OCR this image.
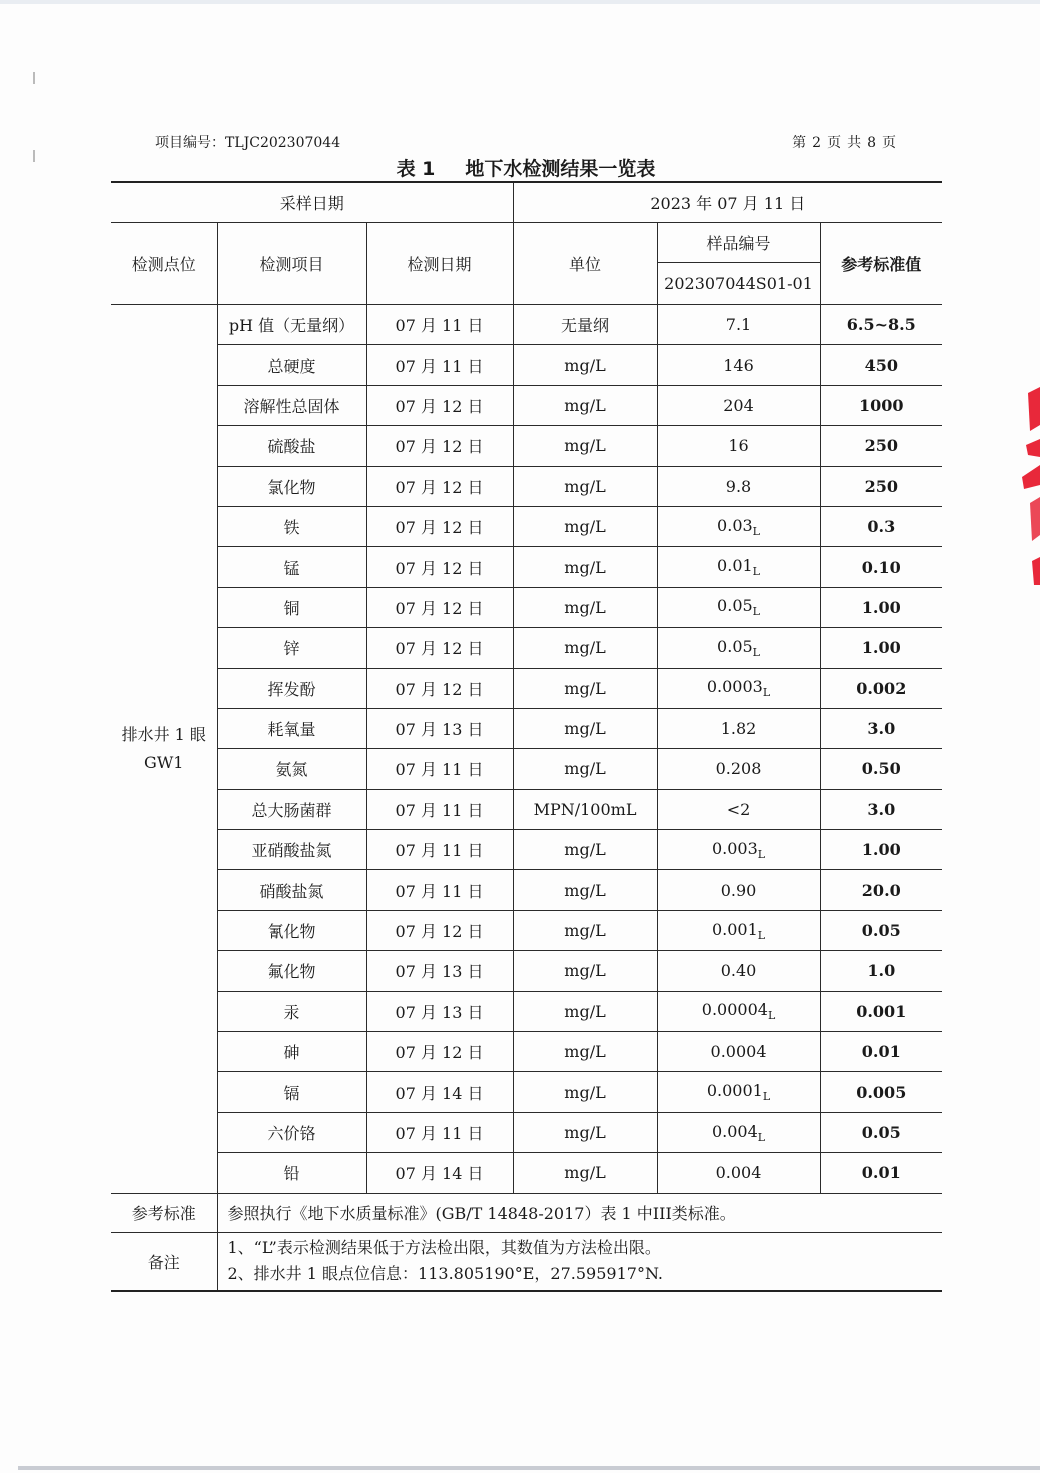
项目编号：TLJC202307044	第 2 页 共 8 页
表 1 地下水检测结果一览表
采样日期			2023 年 07 月 11 日		
检测点位	检测项目	检测日期	单位	样品编号	参考标准值
				202307044S01-01	

排水井 1 眼
GW1	pH 值（无量纲）	07 月 11 日	无量纲	7.1	6.5~8.5
	总硬度	07 月 11 日	mg/L	146	450
	溶解性总固体	07 月 12 日	mg/L	204	1000
	硫酸盐	07 月 12 日	mg/L	16	250
	氯化物	07 月 12 日	mg/L	9.8	250
	铁	07 月 12 日	mg/L	$0.03_L$	0.3
	锰	07 月 12 日	mg/L	$0.01_L$	0.10
	铜	07 月 12 日	mg/L	$0.05_L$	1.00
	锌	07 月 12 日	mg/L	$0.05_L$	1.00
	挥发酚	07 月 12 日	mg/L	$0.0003_L$	0.002
	耗氧量	07 月 13 日	mg/L	1.82	3.0
	氨氮	07 月 11 日	mg/L	0.208	0.50
	总大肠菌群	07 月 11 日	MPN/100mL	<2	3.0
	亚硝酸盐氮	07 月 11 日	mg/L	$0.003_L$	1.00
	硝酸盐氮	07 月 11 日	mg/L	0.90	20.0
	氰化物	07 月 12 日	mg/L	$0.001_L$	0.05
	氟化物	07 月 13 日	mg/L	0.40	1.0
	汞	07 月 13 日	mg/L	$0.00004_L$	0.001
	砷	07 月 12 日	mg/L	0.0004	0.01
	镉	07 月 14 日	mg/L	$0.0001_L$	0.005
	六价铬	07 月 11 日	mg/L	$0.004_L$	0.05
	铅	07 月 14 日	mg/L	0.004	0.01
参考标准	参照执行《地下水质量标准》(GB/T 14848-2017）表 1 中III类标准。				
备注	1、“L”表示检测结果低于方法检出限，其数值为方法检出限。
2、排水井 1 眼点位信息：113.805190°E，27.595917°N.				
